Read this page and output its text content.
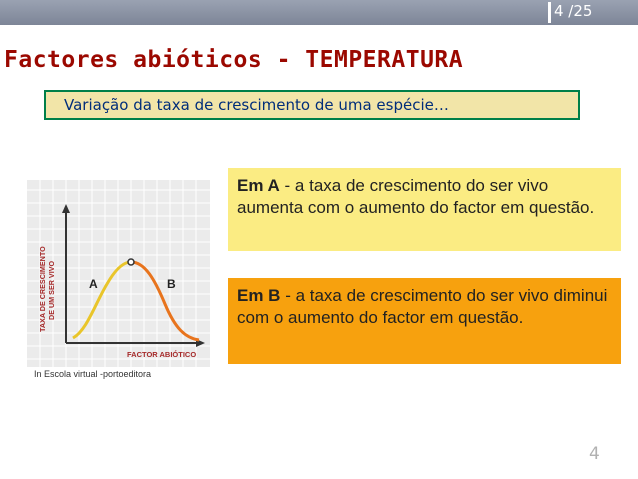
4 /25
Factores abióticos - TEMPERATURA
Variação da taxa de crescimento de uma espécie…
A	B
TAXA DE CRESCIMENTO DE UM SER VIVO
FACTOR ABIÓTICO
In Escola virtual -portoeditora
Em A - a taxa de crescimento do ser vivo aumenta com o aumento do factor em questão.
Em B - a taxa de crescimento do ser vivo diminui com o aumento do factor em questão.
4
